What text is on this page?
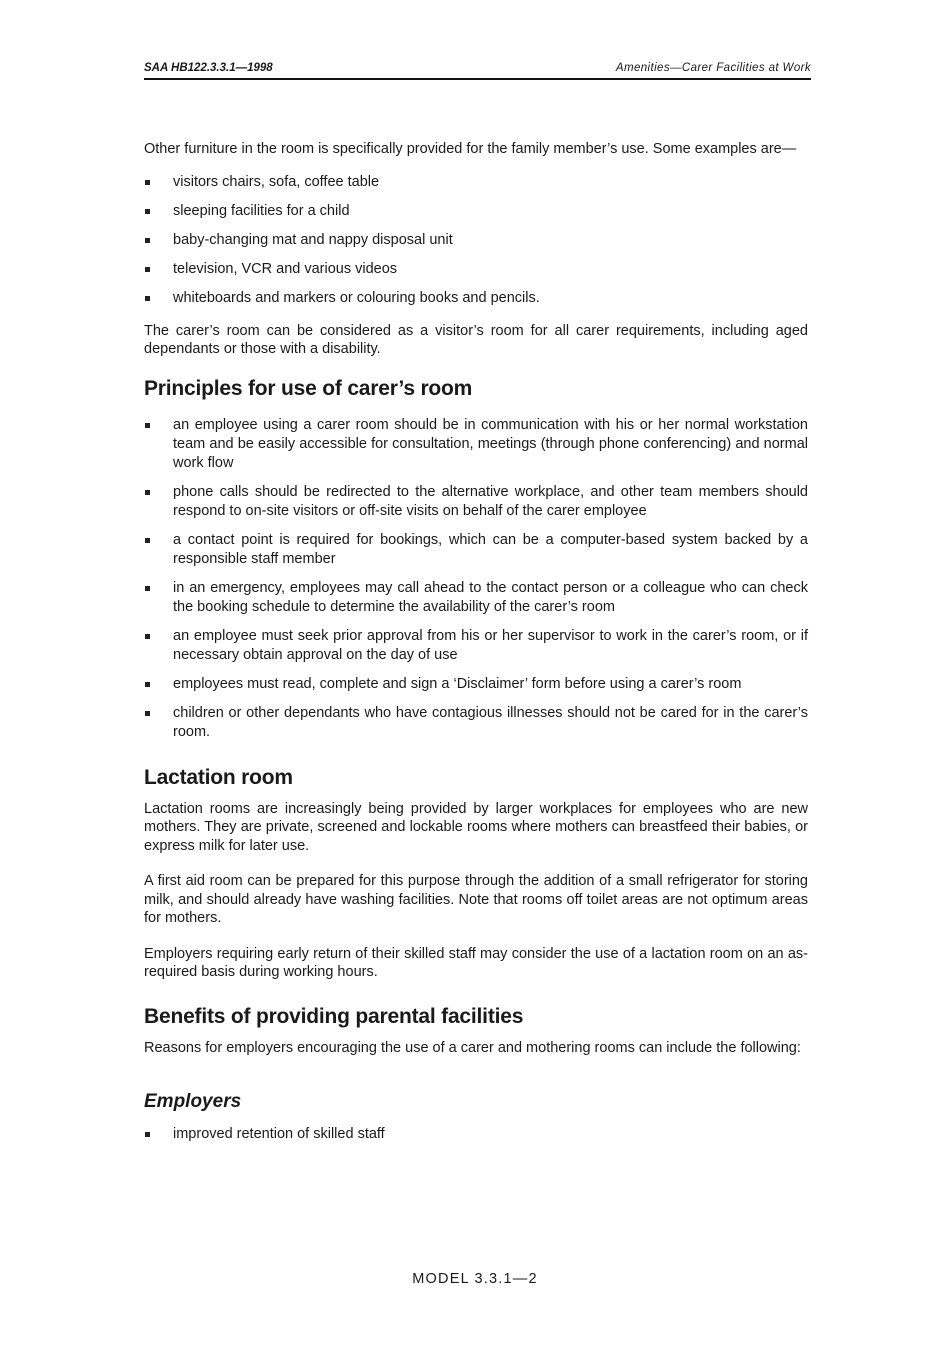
SAA HB122.3.3.1—1998	Amenities—Carer Facilities at Work

Other furniture in the room is specifically provided for the family member’s use. Some examples are—

visitors chairs, sofa, coffee table
sleeping facilities for a child
baby-changing mat and nappy disposal unit
television, VCR and various videos
whiteboards and markers or colouring books and pencils.

The carer’s room can be considered as a visitor’s room for all carer requirements, including aged dependants or those with a disability.

Principles for use of carer’s room
an employee using a carer room should be in communication with his or her normal workstation team and be easily accessible for consultation, meetings (through phone conferencing) and normal work flow
phone calls should be redirected to the alternative workplace, and other team members should respond to on-site visitors or off-site visits on behalf of the carer employee
a contact point is required for bookings, which can be a computer-based system backed by a responsible staff member
in an emergency, employees may call ahead to the contact person or a colleague who can check the booking schedule to determine the availability of the carer’s room
an employee must seek prior approval from his or her supervisor to work in the carer’s room, or if necessary obtain approval on the day of use
employees must read, complete and sign a ‘Disclaimer’ form before using a carer’s room
children or other dependants who have contagious illnesses should not be cared for in the carer’s room.
Lactation room

Lactation rooms are increasingly being provided by larger workplaces for employees who are new mothers. They are private, screened and lockable rooms where mothers can breastfeed their babies, or express milk for later use.

A first aid room can be prepared for this purpose through the addition of a small refrigerator for storing milk, and should already have washing facilities. Note that rooms off toilet areas are not optimum areas for mothers.

Employers requiring early return of their skilled staff may consider the use of a lactation room on an as-required basis during working hours.

Benefits of providing parental facilities

Reasons for employers encouraging the use of a carer and mothering rooms can include the following:

Employers
improved retention of skilled staff
MODEL 3.3.1—2
